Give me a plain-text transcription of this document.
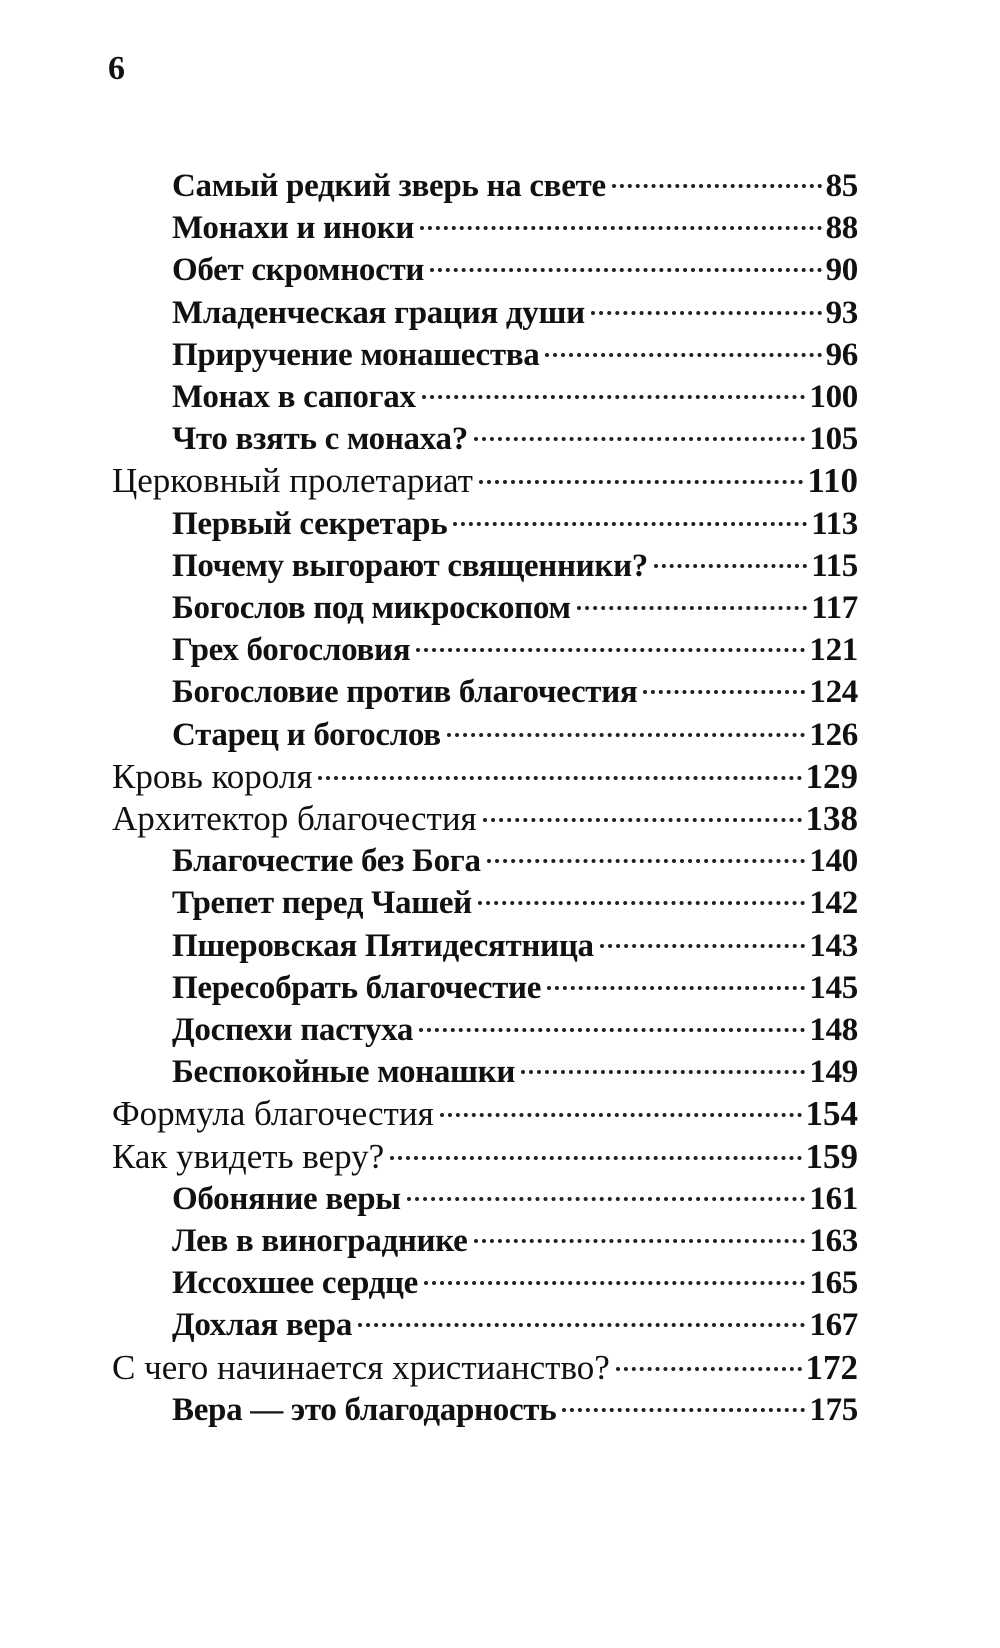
6
Самый редкий зверь на свете	85
Монахи и иноки	88
Обет скромности	90
Младенческая грация души	93
Приручение монашества	96
Монах в сапогах	100
Что взять с монаха?	105
Церковный пролетариат	110
Первый секретарь	113
Почему выгорают священники?	115
Богослов под микроскопом	117
Грех богословия	121
Богословие против благочестия	124
Старец и богослов	126
Кровь короля	129
Архитектор благочестия	138
Благочестие без Бога	140
Трепет перед Чашей	142
Пшеровская Пятидесятница	143
Пересобрать благочестие	145
Доспехи пастуха	148
Беспокойные монашки	149
Формула благочестия	154
Как увидеть веру?	159
Обоняние веры	161
Лев в винограднике	163
Иссохшее сердце	165
Дохлая вера	167
С чего начинается христианство?	172
Вера — это благодарность	175
